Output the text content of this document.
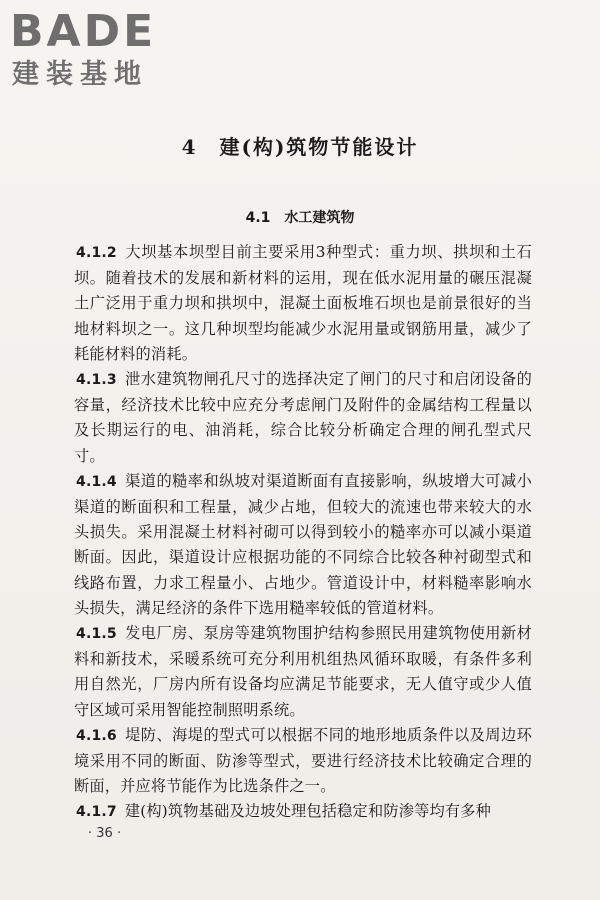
BADE
建装基地
4　建(构)筑物节能设计
4.1　水工建筑物

4.1.2 大坝基本坝型目前主要采用3种型式：重力坝、拱坝和土石坝。随着技术的发展和新材料的运用，现在低水泥用量的碾压混凝土广泛用于重力坝和拱坝中，混凝土面板堆石坝也是前景很好的当地材料坝之一。这几种坝型均能减少水泥用量或钢筋用量，减少了耗能材料的消耗。

4.1.3 泄水建筑物闸孔尺寸的选择决定了闸门的尺寸和启闭设备的容量，经济技术比较中应充分考虑闸门及附件的金属结构工程量以及长期运行的电、油消耗，综合比较分析确定合理的闸孔型式尺寸。

4.1.4 渠道的糙率和纵坡对渠道断面有直接影响，纵坡增大可减小渠道的断面积和工程量，减少占地，但较大的流速也带来较大的水头损失。采用混凝土材料衬砌可以得到较小的糙率亦可以减小渠道断面。因此，渠道设计应根据功能的不同综合比较各种衬砌型式和线路布置，力求工程量小、占地少。管道设计中，材料糙率影响水头损失，满足经济的条件下选用糙率较低的管道材料。

4.1.5 发电厂房、泵房等建筑物围护结构参照民用建筑物使用新材料和新技术，采暖系统可充分利用机组热风循环取暖，有条件多利用自然光，厂房内所有设备均应满足节能要求，无人值守或少人值守区域可采用智能控制照明系统。

4.1.6 堤防、海堤的型式可以根据不同的地形地质条件以及周边环境采用不同的断面、防渗等型式，要进行经济技术比较确定合理的断面，并应将节能作为比选条件之一。

4.1.7 建(构)筑物基础及边坡处理包括稳定和防渗等均有多种

· 36 ·
